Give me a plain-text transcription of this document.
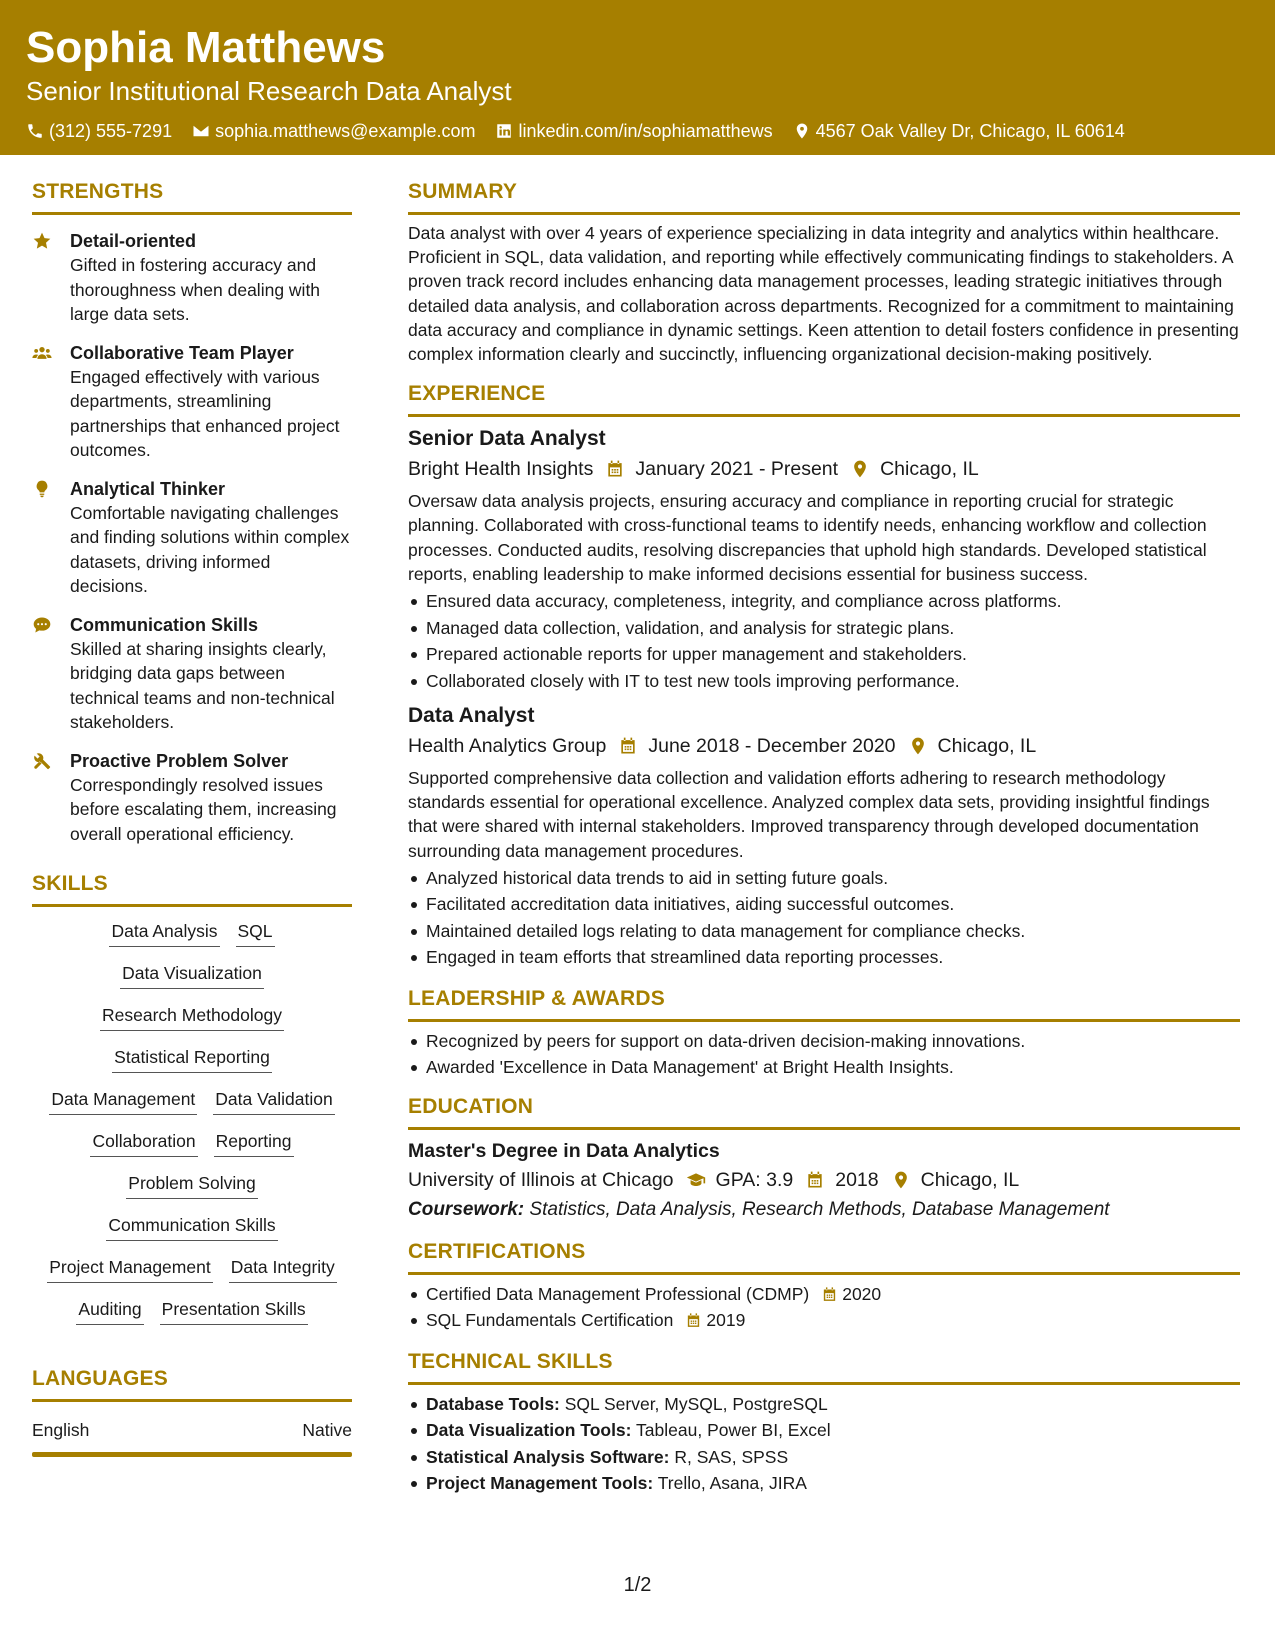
Sophia Matthews
Senior Institutional Research Data Analyst
(312) 555-7291 sophia.matthews@example.com linkedin.com/in/sophiamatthews 4567 Oak Valley Dr, Chicago, IL 60614
STRENGTHS
Detail-oriented
Gifted in fostering accuracy and thoroughness when dealing with large data sets.
Collaborative Team Player
Engaged effectively with various departments, streamlining partnerships that enhanced project outcomes.
Analytical Thinker
Comfortable navigating challenges and finding solutions within complex datasets, driving informed decisions.
Communication Skills
Skilled at sharing insights clearly, bridging data gaps between technical teams and non-technical stakeholders.
Proactive Problem Solver
Correspondingly resolved issues before escalating them, increasing overall operational efficiency.
SKILLS
Data Analysis SQL
Data Visualization
Research Methodology
Statistical Reporting
Data Management Data Validation
Collaboration Reporting
Problem Solving
Communication Skills
Project Management Data Integrity
Auditing Presentation Skills
LANGUAGES
English	Native
SUMMARY
Data analyst with over 4 years of experience specializing in data integrity and analytics within healthcare. Proficient in SQL, data validation, and reporting while effectively communicating findings to stakeholders. A proven track record includes enhancing data management processes, leading strategic initiatives through detailed data analysis, and collaboration across departments. Recognized for a commitment to maintaining data accuracy and compliance in dynamic settings. Keen attention to detail fosters confidence in presenting complex information clearly and succinctly, influencing organizational decision-making positively.
EXPERIENCE
Senior Data Analyst
Bright Health Insights January 2021 - Present Chicago, IL
Oversaw data analysis projects, ensuring accuracy and compliance in reporting crucial for strategic planning. Collaborated with cross-functional teams to identify needs, enhancing workflow and collection processes. Conducted audits, resolving discrepancies that uphold high standards. Developed statistical reports, enabling leadership to make informed decisions essential for business success.
Ensured data accuracy, completeness, integrity, and compliance across platforms.
Managed data collection, validation, and analysis for strategic plans.
Prepared actionable reports for upper management and stakeholders.
Collaborated closely with IT to test new tools improving performance.
Data Analyst
Health Analytics Group June 2018 - December 2020 Chicago, IL
Supported comprehensive data collection and validation efforts adhering to research methodology standards essential for operational excellence. Analyzed complex data sets, providing insightful findings that were shared with internal stakeholders. Improved transparency through developed documentation surrounding data management procedures.
Analyzed historical data trends to aid in setting future goals.
Facilitated accreditation data initiatives, aiding successful outcomes.
Maintained detailed logs relating to data management for compliance checks.
Engaged in team efforts that streamlined data reporting processes.
LEADERSHIP & AWARDS
Recognized by peers for support on data-driven decision-making innovations.
Awarded 'Excellence in Data Management' at Bright Health Insights.
EDUCATION
Master's Degree in Data Analytics
University of Illinois at Chicago GPA: 3.9 2018 Chicago, IL
Coursework: Statistics, Data Analysis, Research Methods, Database Management
CERTIFICATIONS
Certified Data Management Professional (CDMP) 2020
SQL Fundamentals Certification 2019
TECHNICAL SKILLS
Database Tools: SQL Server, MySQL, PostgreSQL
Data Visualization Tools: Tableau, Power BI, Excel
Statistical Analysis Software: R, SAS, SPSS
Project Management Tools: Trello, Asana, JIRA
1/2
